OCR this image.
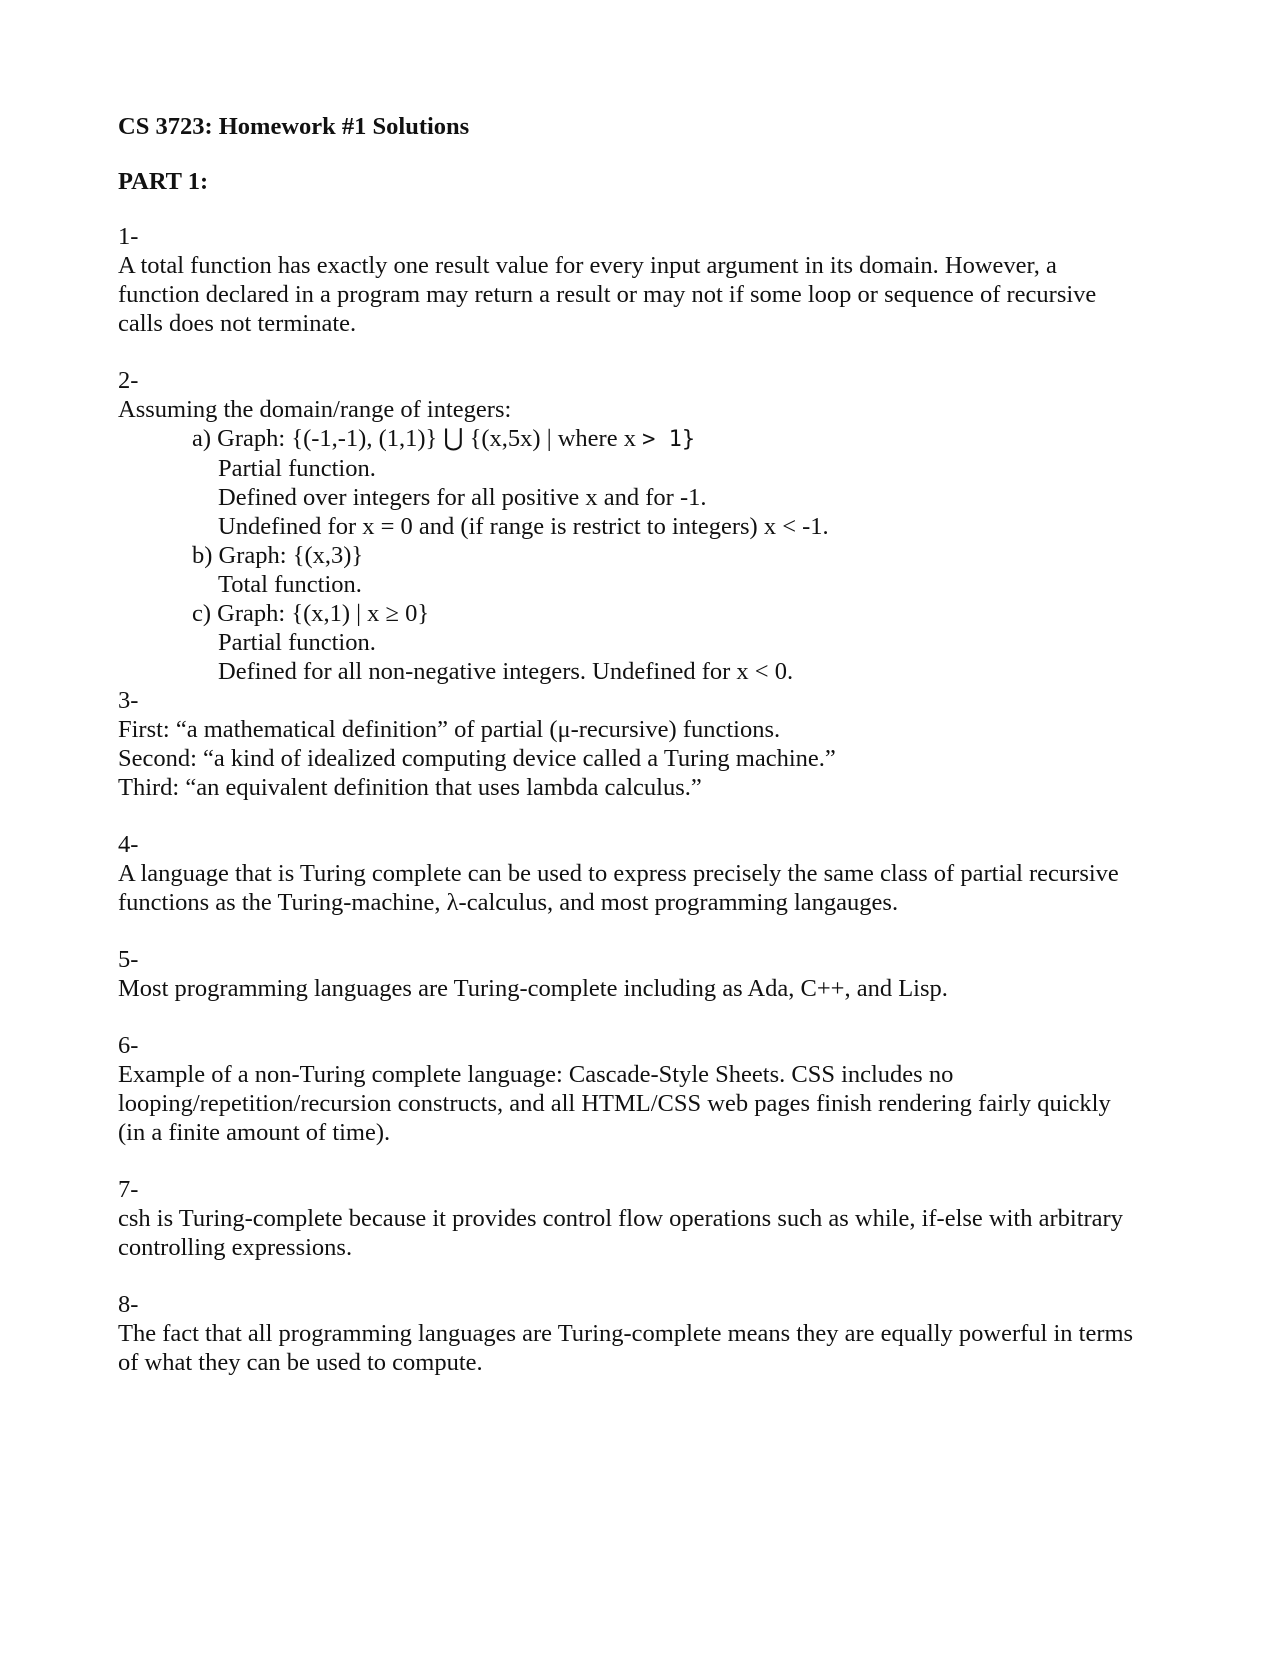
CS 3723: Homework #1 Solutions
PART 1:
1-
A total function has exactly one result value for every input argument in its domain. However, a
function declared in a program may return a result or may not if some loop or sequence of recursive
calls does not terminate.
2-
Assuming the domain/range of integers:
a) Graph: {(-1,-1), (1,1)} ⋃ {(x,5x) | where x > 1}
Partial function.
Defined over integers for all positive x and for -1.
Undefined for x = 0 and (if range is restrict to integers) x < -1.
b) Graph: {(x,3)}
Total function.
c) Graph: {(x,1) | x ≥ 0}
Partial function.
Defined for all non-negative integers. Undefined for x < 0.
3-
First: “a mathematical definition” of partial (μ-recursive) functions.
Second: “a kind of idealized computing device called a Turing machine.”
Third: “an equivalent definition that uses lambda calculus.”
4-
A language that is Turing complete can be used to express precisely the same class of partial recursive
functions as the Turing-machine, λ-calculus, and most programming langauges.
5-
Most programming languages are Turing-complete including as Ada, C++, and Lisp.
6-
Example of a non-Turing complete language: Cascade-Style Sheets. CSS includes no
looping/repetition/recursion constructs, and all HTML/CSS web pages finish rendering fairly quickly
(in a finite amount of time).
7-
csh is Turing-complete because it provides control flow operations such as while, if-else with arbitrary
controlling expressions.
8-
The fact that all programming languages are Turing-complete means they are equally powerful in terms
of what they can be used to compute.
